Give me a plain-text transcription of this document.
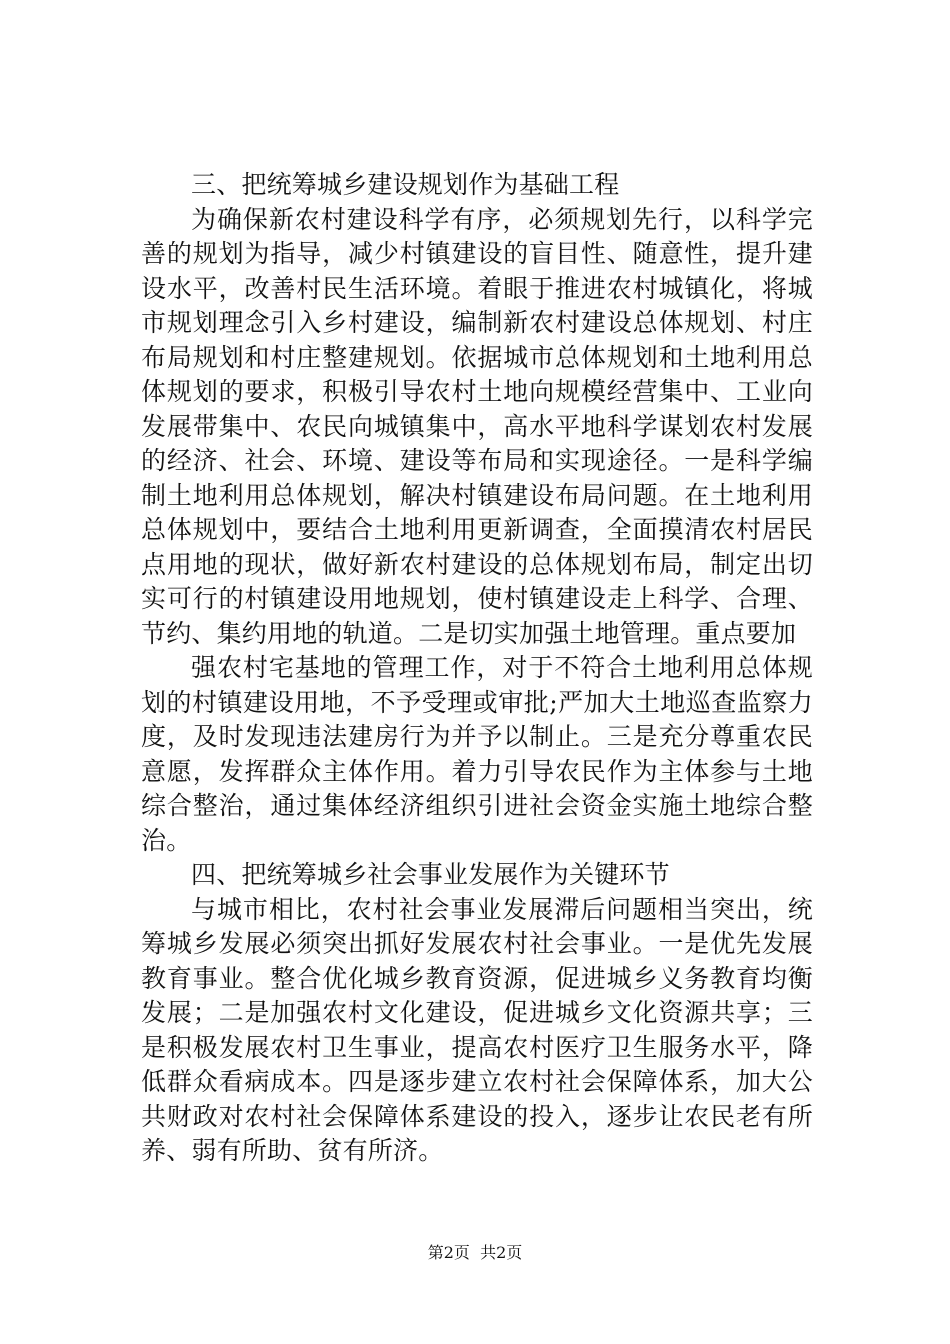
三、把统筹城乡建设规划作为基础工程

为确保新农村建设科学有序，必须规划先行，以科学完善的规划为指导，减少村镇建设的盲目性、随意性，提升建设水平，改善村民生活环境。着眼于推进农村城镇化，将城市规划理念引入乡村建设，编制新农村建设总体规划、村庄布局规划和村庄整建规划。依据城市总体规划和土地利用总体规划的要求，积极引导农村土地向规模经营集中、工业向发展带集中、农民向城镇集中，高水平地科学谋划农村发展的经济、社会、环境、建设等布局和实现途径。一是科学编制土地利用总体规划，解决村镇建设布局问题。在土地利用总体规划中，要结合土地利用更新调查，全面摸清农村居民点用地的现状，做好新农村建设的总体规划布局，制定出切实可行的村镇建设用地规划，使村镇建设走上科学、合理、节约、集约用地的轨道。二是切实加强土地管理。重点要加

强农村宅基地的管理工作，对于不符合土地利用总体规划的村镇建设用地，不予受理或审批;严加大土地巡查监察力度，及时发现违法建房行为并予以制止。三是充分尊重农民意愿，发挥群众主体作用。着力引导农民作为主体参与土地综合整治，通过集体经济组织引进社会资金实施土地综合整治。

四、把统筹城乡社会事业发展作为关键环节

与城市相比，农村社会事业发展滞后问题相当突出，统筹城乡发展必须突出抓好发展农村社会事业。一是优先发展教育事业。整合优化城乡教育资源，促进城乡义务教育均衡发展；二是加强农村文化建设，促进城乡文化资源共享；三是积极发展农村卫生事业，提高农村医疗卫生服务水平，降低群众看病成本。四是逐步建立农村社会保障体系，加大公共财政对农村社会保障体系建设的投入，逐步让农民老有所养、弱有所助、贫有所济。

第2页  共2页
